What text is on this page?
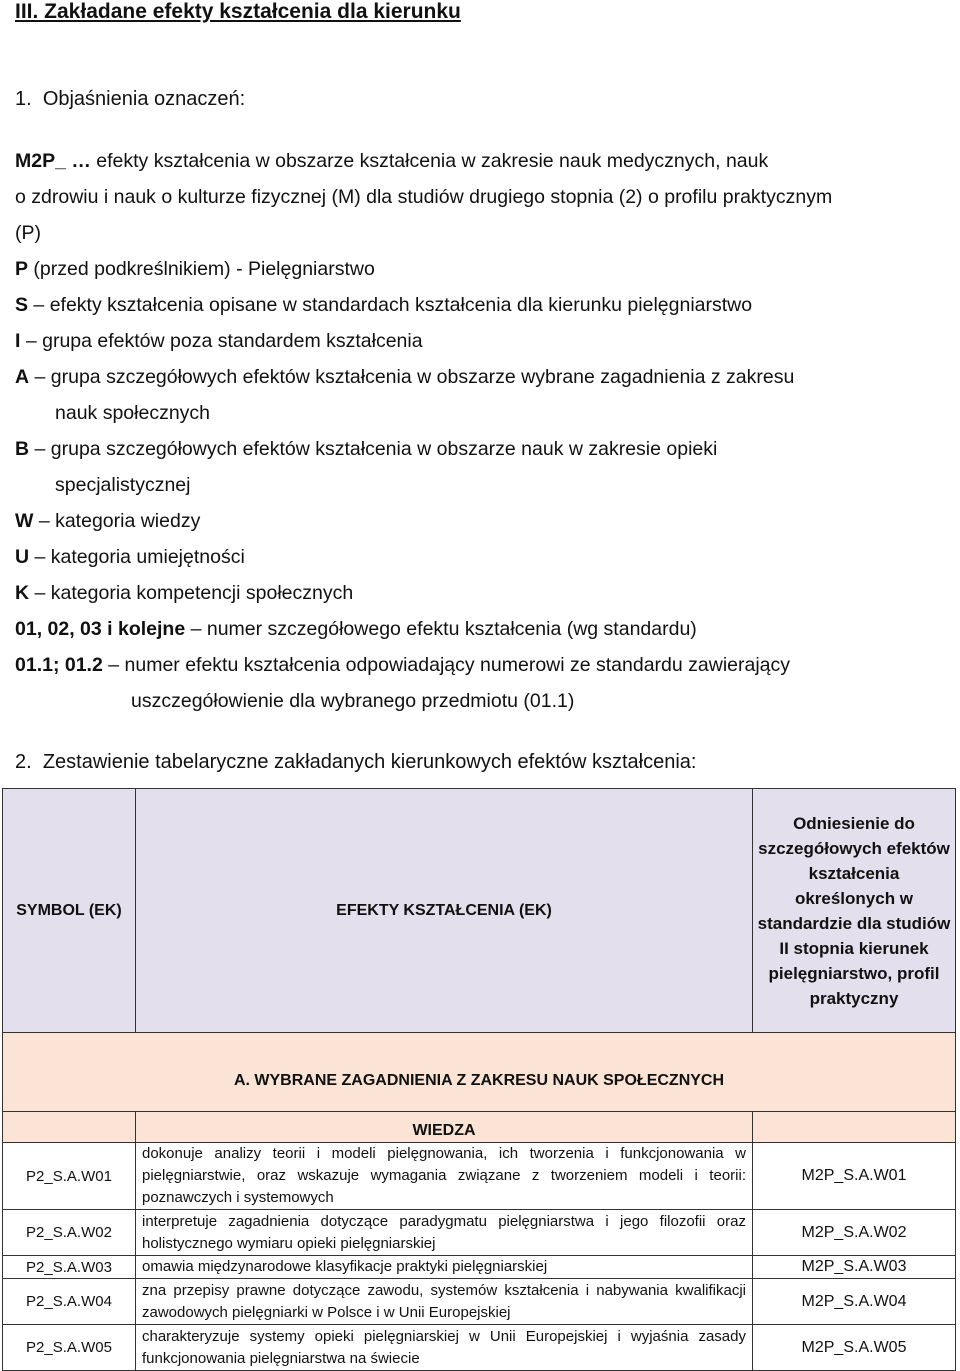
III. Zakładane efekty kształcenia dla kierunku
1. Objaśnienia oznaczeń:
M2P_ … efekty kształcenia w obszarze kształcenia w zakresie nauk medycznych, nauk
o zdrowiu i nauk o kulturze fizycznej (M) dla studiów drugiego stopnia (2) o profilu praktycznym
(P)
P (przed podkreślnikiem) - Pielęgniarstwo
S – efekty kształcenia opisane w standardach kształcenia dla kierunku pielęgniarstwo
I – grupa efektów poza standardem kształcenia
A – grupa szczegółowych efektów kształcenia w obszarze wybrane zagadnienia z zakresu
nauk społecznych
B – grupa szczegółowych efektów kształcenia w obszarze nauk w zakresie opieki
specjalistycznej
W – kategoria wiedzy
U – kategoria umiejętności
K – kategoria kompetencji społecznych
01, 02, 03 i kolejne – numer szczegółowego efektu kształcenia (wg standardu)
01.1; 01.2 – numer efektu kształcenia odpowiadający numerowi ze standardu zawierający
uszczegółowienie dla wybranego przedmiotu (01.1)
2. Zestawienie tabelaryczne zakładanych kierunkowych efektów kształcenia:
SYMBOL (EK)	EFEKTY KSZTAŁCENIA (EK)	Odniesienie do szczegółowych efektów kształcenia określonych w standardzie dla studiów II stopnia kierunek pielęgniarstwo, profil praktyczny
A. WYBRANE ZAGADNIENIA Z ZAKRESU NAUK SPOŁECZNYCH		
	WIEDZA	
P2_S.A.W01	dokonuje analizy teorii i modeli pielęgnowania, ich tworzenia i funkcjonowania w pielęgniarstwie, oraz wskazuje wymagania związane z tworzeniem modeli i teorii: poznawczych i systemowych	M2P_S.A.W01
P2_S.A.W02	interpretuje zagadnienia dotyczące paradygmatu pielęgniarstwa i jego filozofii oraz holistycznego wymiaru opieki pielęgniarskiej	M2P_S.A.W02
P2_S.A.W03	omawia międzynarodowe klasyfikacje praktyki pielęgniarskiej	M2P_S.A.W03
P2_S.A.W04	zna przepisy prawne dotyczące zawodu, systemów kształcenia i nabywania kwalifikacji zawodowych pielęgniarki w Polsce i w Unii Europejskiej	M2P_S.A.W04
P2_S.A.W05	charakteryzuje systemy opieki pielęgniarskiej w Unii Europejskiej i wyjaśnia zasady funkcjonowania pielęgniarstwa na świecie	M2P_S.A.W05
